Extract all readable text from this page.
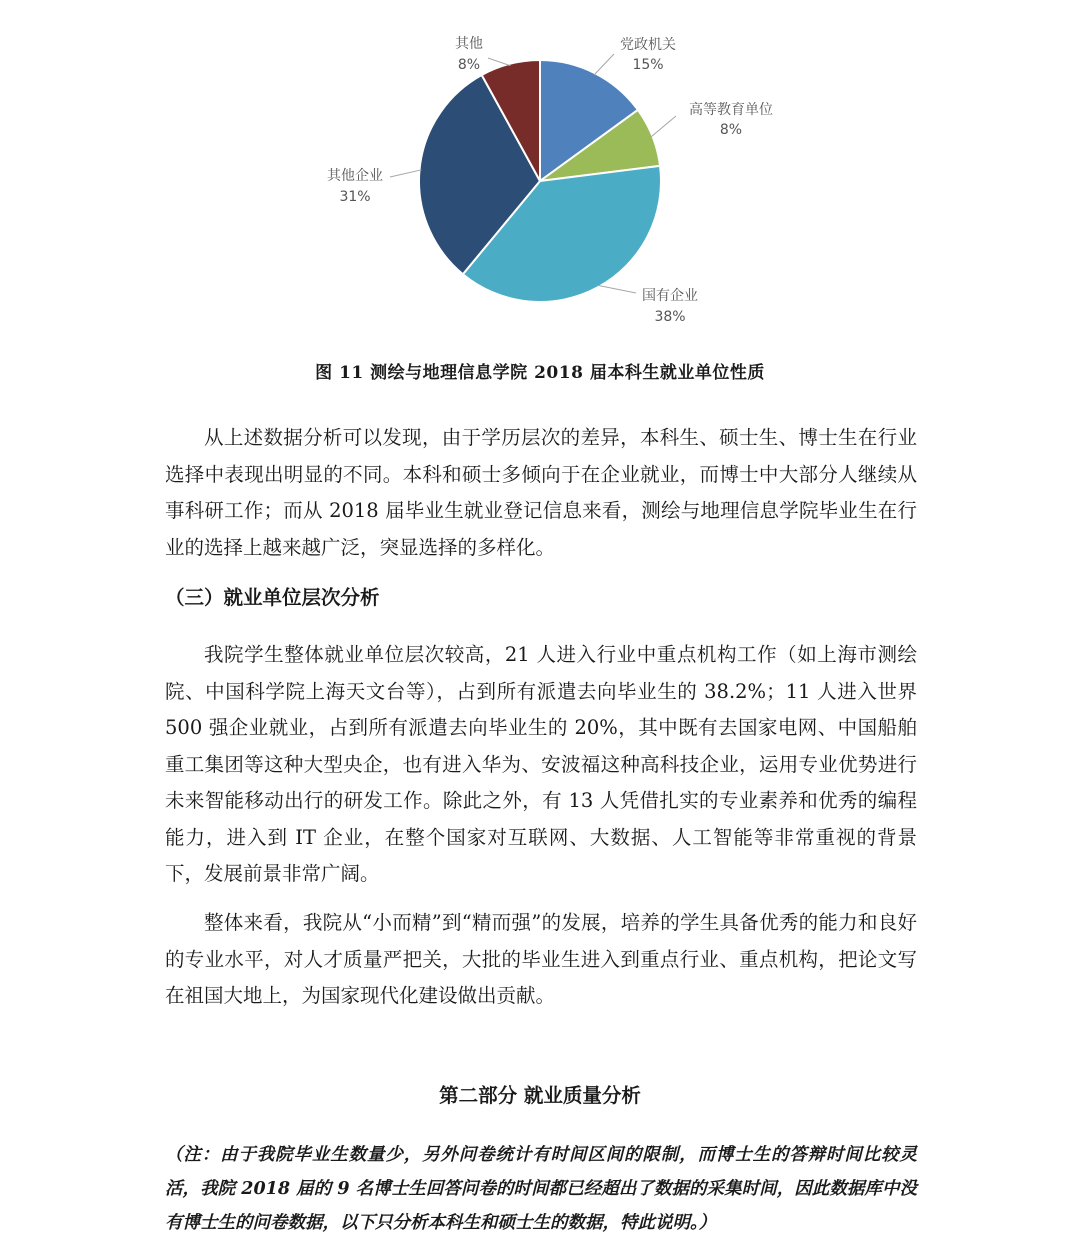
党政机关
15%
高等教育单位
8%
国有企业
38%
其他企业
31%
其他
8%
图 11 测绘与地理信息学院 2018 届本科生就业单位性质

从上述数据分析可以发现，由于学历层次的差异，本科生、硕士生、博士生在行业选择中表现出明显的不同。本科和硕士多倾向于在企业就业，而博士中大部分人继续从事科研工作；而从 2018 届毕业生就业登记信息来看，测绘与地理信息学院毕业生在行业的选择上越来越广泛，突显选择的多样化。

（三）就业单位层次分析

我院学生整体就业单位层次较高，21 人进入行业中重点机构工作（如上海市测绘院、中国科学院上海天文台等），占到所有派遣去向毕业生的 38.2%；11 人进入世界 500 强企业就业，占到所有派遣去向毕业生的 20%，其中既有去国家电网、中国船舶重工集团等这种大型央企，也有进入华为、安波福这种高科技企业，运用专业优势进行未来智能移动出行的研发工作。除此之外，有 13 人凭借扎实的专业素养和优秀的编程能力，进入到 IT 企业，在整个国家对互联网、大数据、人工智能等非常重视的背景下，发展前景非常广阔。

整体来看，我院从“小而精”到“精而强”的发展，培养的学生具备优秀的能力和良好的专业水平，对人才质量严把关，大批的毕业生进入到重点行业、重点机构，把论文写在祖国大地上，为国家现代化建设做出贡献。

第二部分 就业质量分析

（注：由于我院毕业生数量少，另外问卷统计有时间区间的限制，而博士生的答辩时间比较灵活，我院 2018 届的 9 名博士生回答问卷的时间都已经超出了数据的采集时间，因此数据库中没有博士生的问卷数据，以下只分析本科生和硕士生的数据，特此说明。）
